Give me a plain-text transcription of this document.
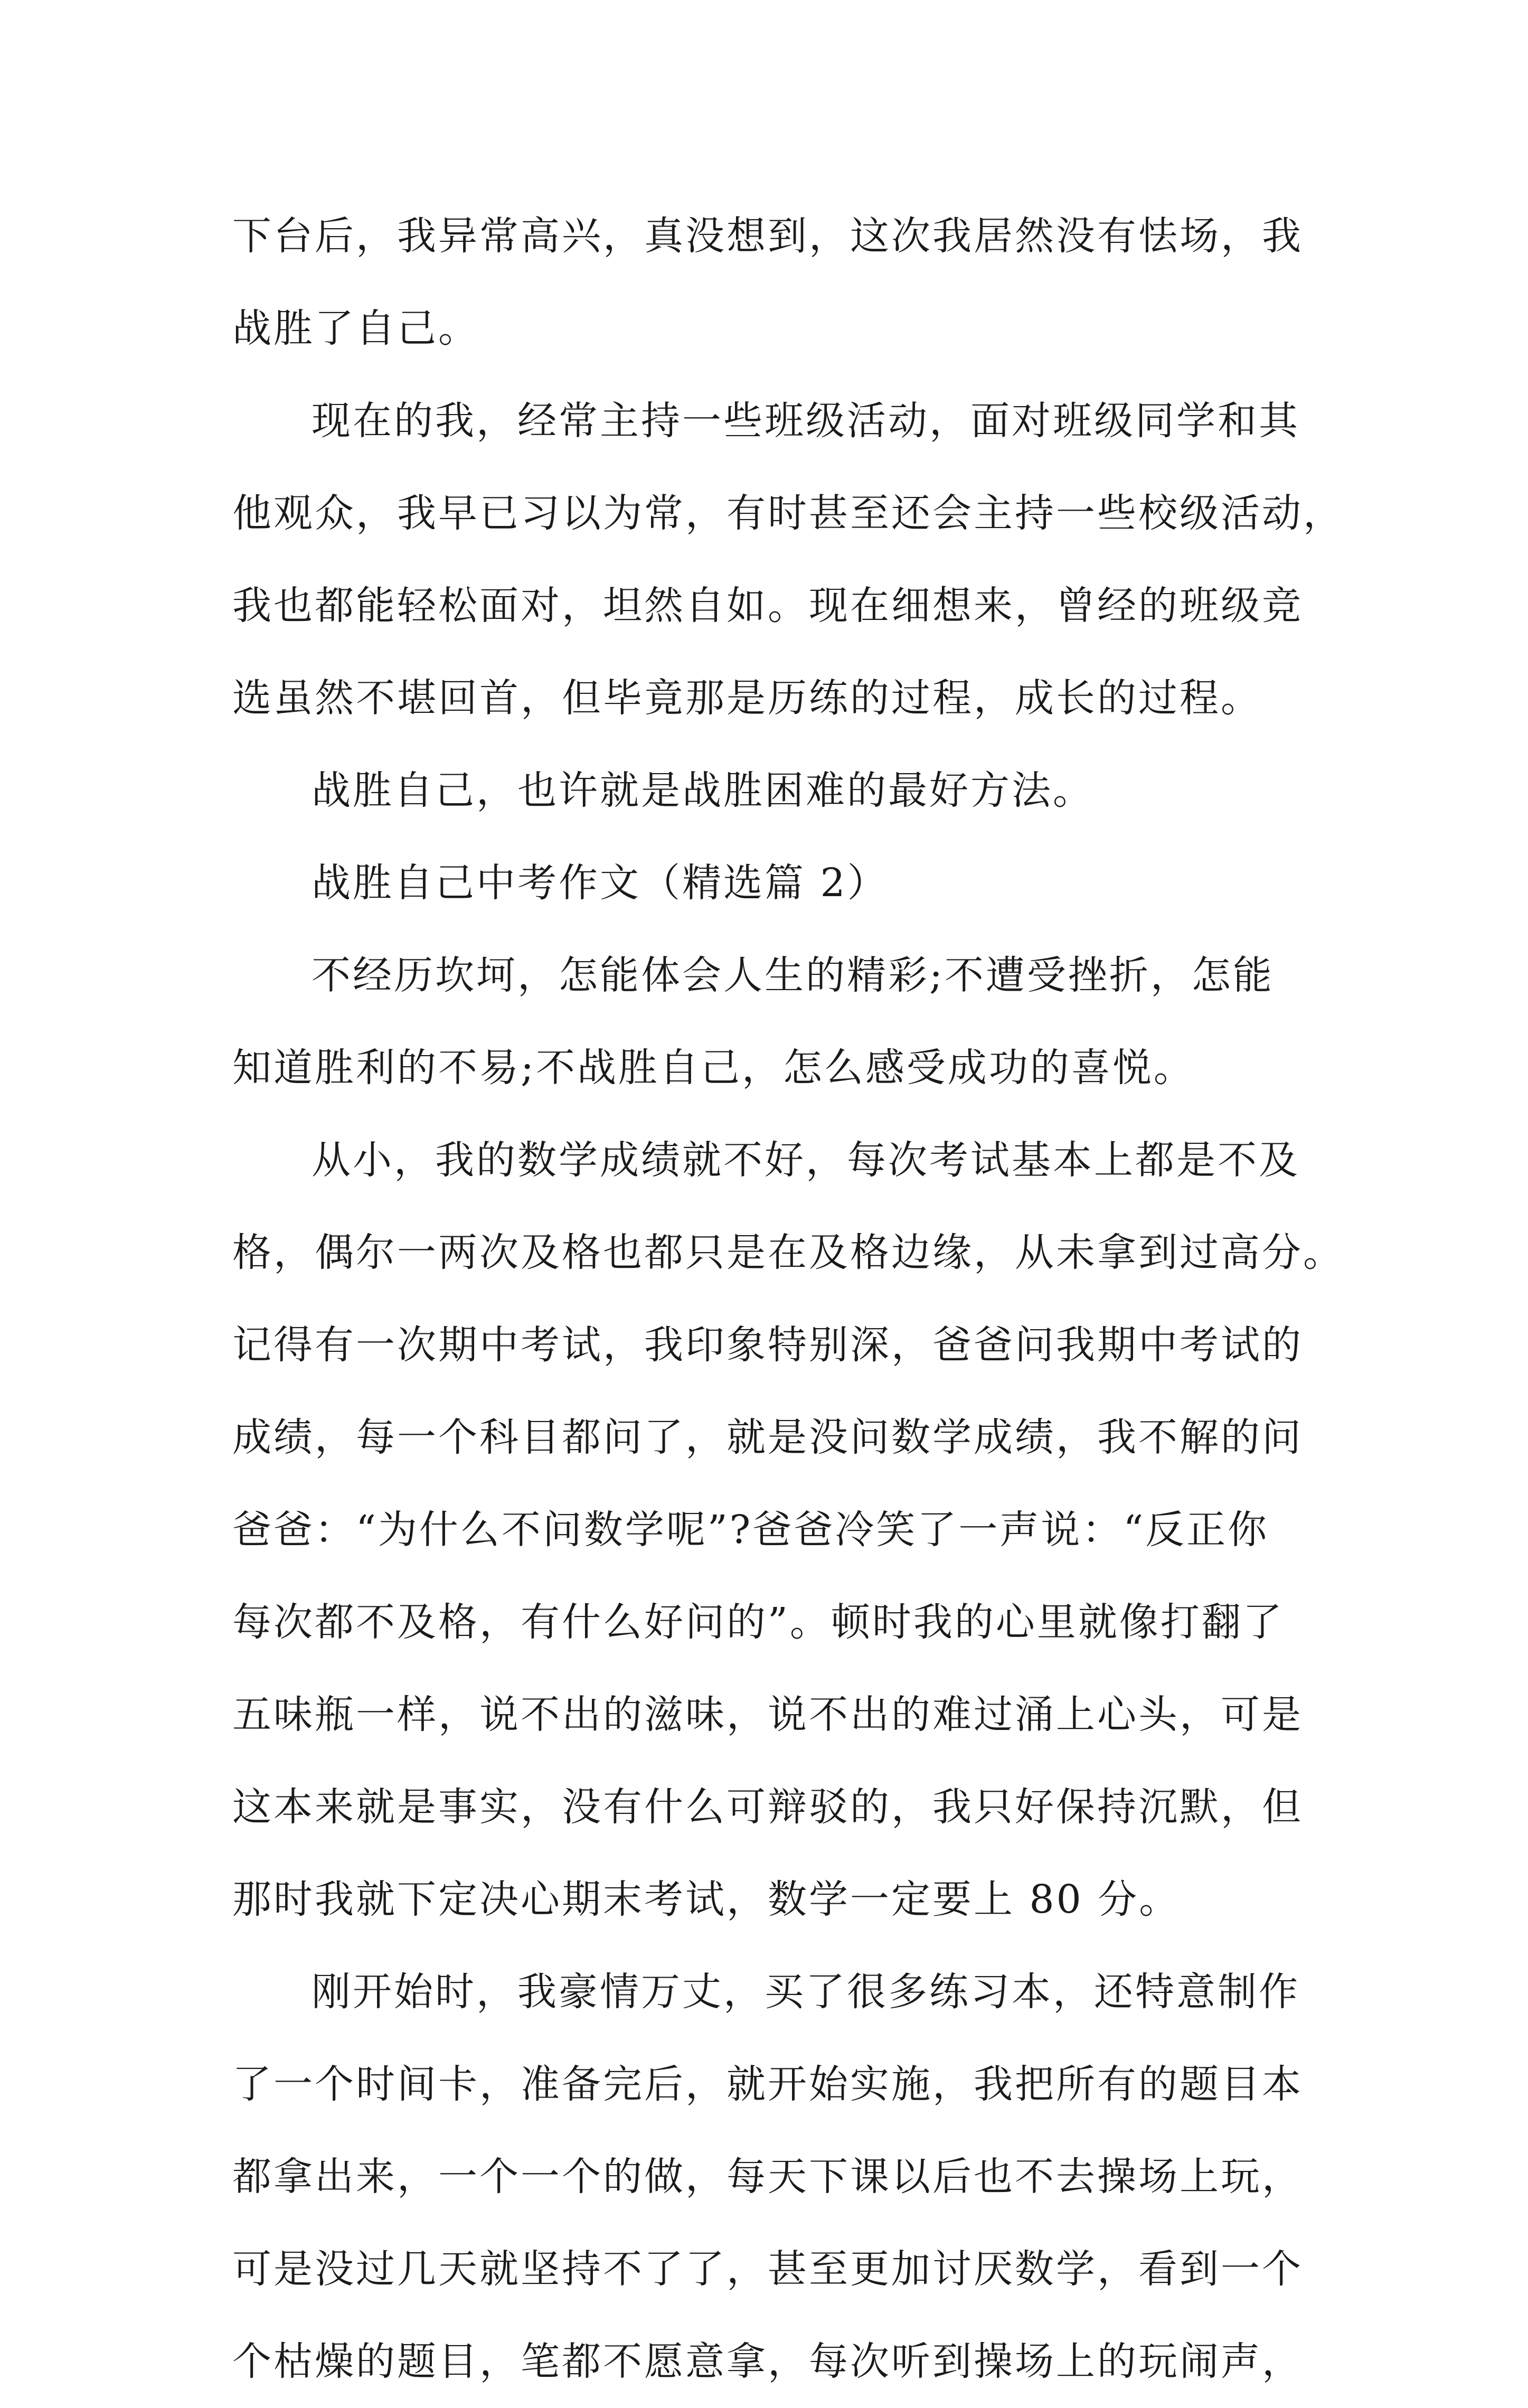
下台后，我异常高兴，真没想到，这次我居然没有怯场，我
战胜了自己。
现在的我，经常主持一些班级活动，面对班级同学和其
他观众，我早已习以为常，有时甚至还会主持一些校级活动，
我也都能轻松面对，坦然自如。现在细想来，曾经的班级竞
选虽然不堪回首，但毕竟那是历练的过程，成长的过程。
战胜自己，也许就是战胜困难的最好方法。
战胜自己中考作文（精选篇 2）
不经历坎坷，怎能体会人生的精彩;不遭受挫折，怎能
知道胜利的不易;不战胜自己，怎么感受成功的喜悦。
从小，我的数学成绩就不好，每次考试基本上都是不及
格，偶尔一两次及格也都只是在及格边缘，从未拿到过高分。
记得有一次期中考试，我印象特别深，爸爸问我期中考试的
成绩，每一个科目都问了，就是没问数学成绩，我不解的问
爸爸：“为什么不问数学呢”?爸爸冷笑了一声说：“反正你
每次都不及格，有什么好问的”。顿时我的心里就像打翻了
五味瓶一样，说不出的滋味，说不出的难过涌上心头，可是
这本来就是事实，没有什么可辩驳的，我只好保持沉默，但
那时我就下定决心期末考试，数学一定要上 80 分。
刚开始时，我豪情万丈，买了很多练习本，还特意制作
了一个时间卡，准备完后，就开始实施，我把所有的题目本
都拿出来，一个一个的做，每天下课以后也不去操场上玩，
可是没过几天就坚持不了了，甚至更加讨厌数学，看到一个
个枯燥的题目，笔都不愿意拿，每次听到操场上的玩闹声，
